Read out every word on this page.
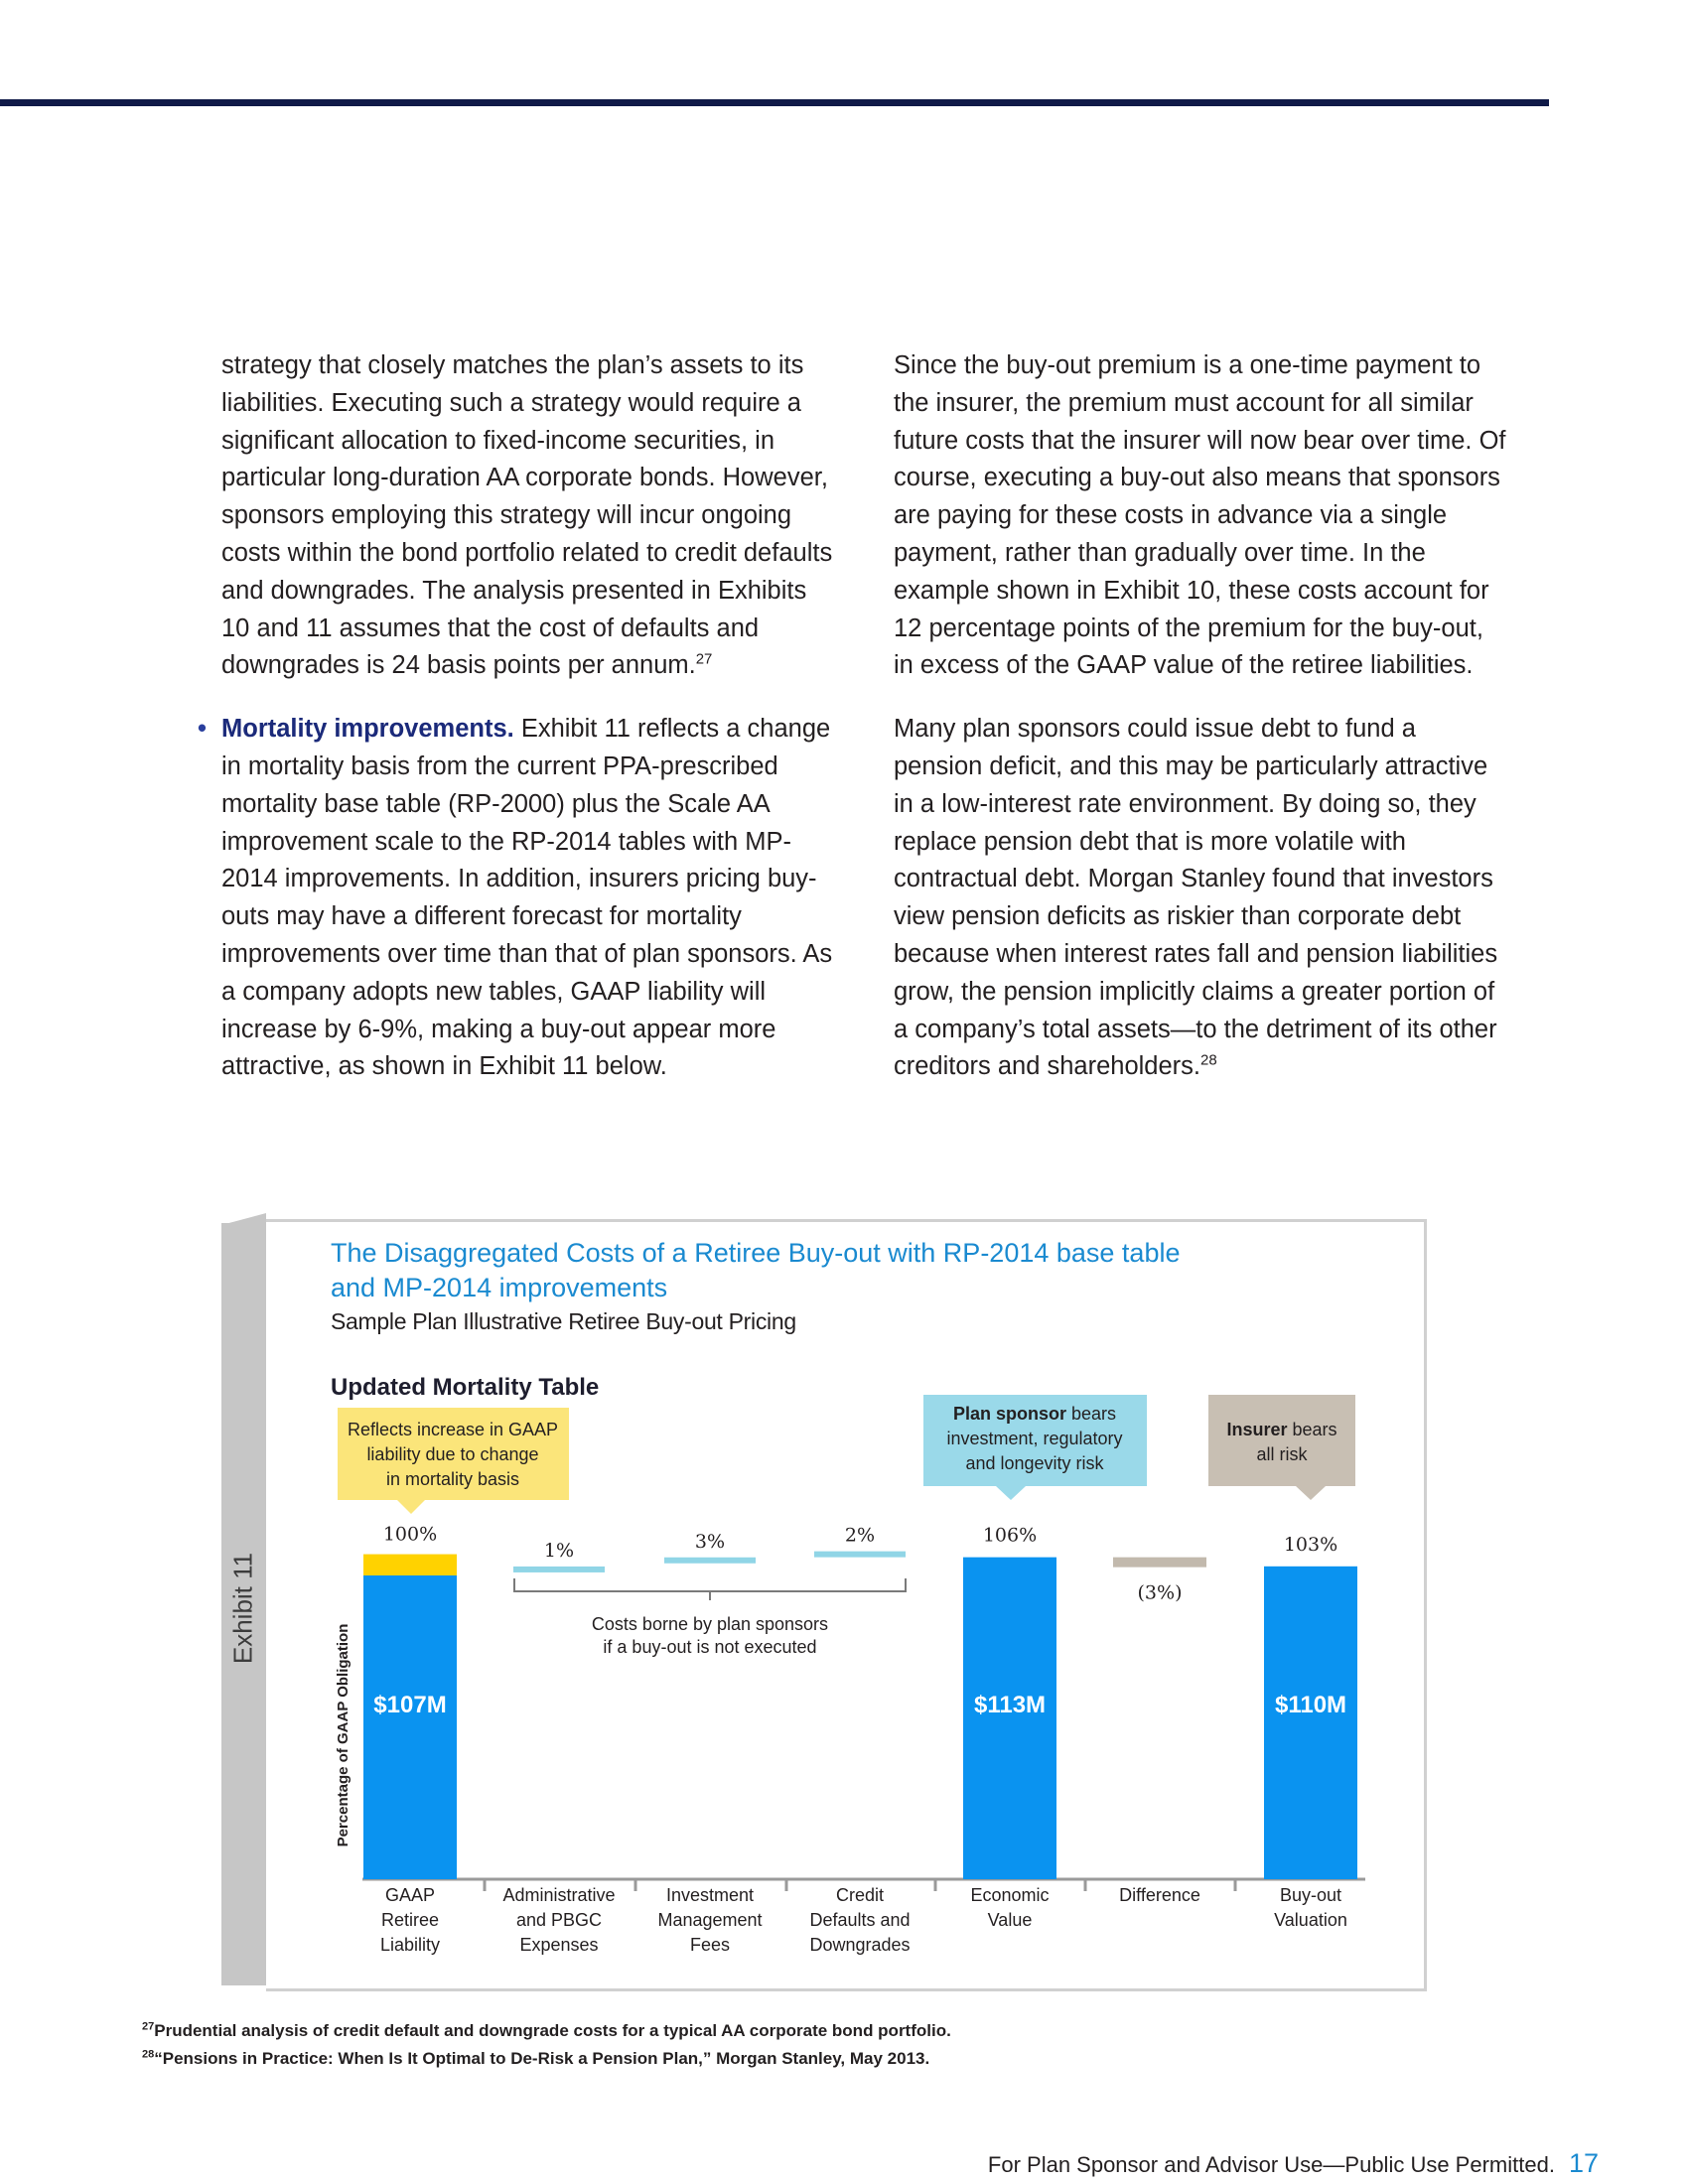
strategy that closely matches the plan’s assets to its liabilities. Executing such a strategy would require a significant allocation to fixed-income securities, in particular long-duration AA corporate bonds. However, sponsors employing this strategy will incur ongoing costs within the bond portfolio related to credit defaults and downgrades. The analysis presented in Exhibits 10 and 11 assumes that the cost of defaults and downgrades is 24 basis points per annum.$^{27}$

• Mortality improvements. Exhibit 11 reflects a change in mortality basis from the current PPA-prescribed mortality base table (RP-2000) plus the Scale AA improvement scale to the RP-2014 tables with MP-2014 improvements. In addition, insurers pricing buy-outs may have a different forecast for mortality improvements over time than that of plan sponsors. As a company adopts new tables, GAAP liability will increase by 6-9%, making a buy-out appear more attractive, as shown in Exhibit 11 below.

Since the buy-out premium is a one-time payment to the insurer, the premium must account for all similar future costs that the insurer will now bear over time. Of course, executing a buy-out also means that sponsors are paying for these costs in advance via a single payment, rather than gradually over time. In the example shown in Exhibit 10, these costs account for 12 percentage points of the premium for the buy-out, in excess of the GAAP value of the retiree liabilities.

Many plan sponsors could issue debt to fund a pension deficit, and this may be particularly attractive in a low-interest rate environment. By doing so, they replace pension debt that is more volatile with contractual debt. Morgan Stanley found that investors view pension deficits as riskier than corporate debt because when interest rates fall and pension liabilities grow, the pension implicitly claims a greater portion of a company’s total assets—to the detriment of its other creditors and shareholders.$^{28}$

Exhibit 11

The Disaggregated Costs of a Retiree Buy-out with RP-2014 base table and MP-2014 improvements

Sample Plan Illustrative Retiree Buy-out Pricing
Updated Mortality Table
Percentage of GAAP Obligation
100%
$107M
GAAP
Retiree
Liability
1%
Administrative
and PBGC
Expenses
3%
Investment
Management
Fees
2%
Credit
Defaults and
Downgrades
106%
$113M
Economic
Value
(3%)
Difference
103%
$110M
Buy-out
Valuation
Costs borne by plan sponsors
if a buy-out is not executed
Reflects increase in GAAP
liability due to change
in mortality basis
Plan sponsor bears
investment, regulatory
and longevity risk
Insurer bears
all risk
$^{27}$Prudential analysis of credit default and downgrade costs for a typical AA corporate bond portfolio.
$^{28}$“Pensions in Practice: When Is It Optimal to De-Risk a Pension Plan,” Morgan Stanley, May 2013.
For Plan Sponsor and Advisor Use—Public Use Permitted. 17
